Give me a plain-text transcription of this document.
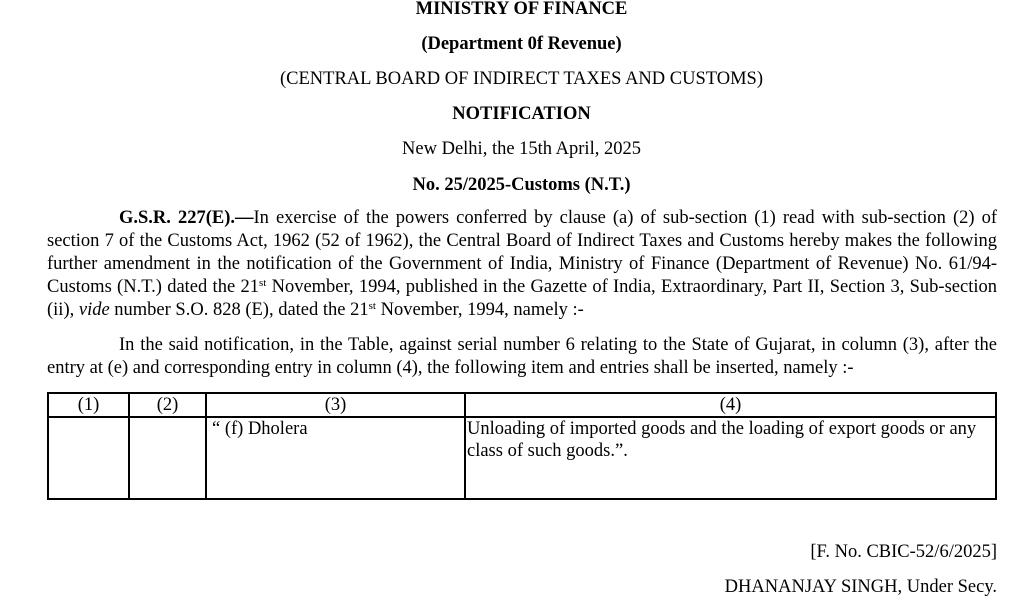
MINISTRY OF FINANCE
(Department 0f Revenue)
(CENTRAL BOARD OF INDIRECT TAXES AND CUSTOMS)
NOTIFICATION
New Delhi, the 15th April, 2025
No. 25/2025-Customs (N.T.)

G.S.R. 227(E).—In exercise of the powers conferred by clause (a) of sub-section (1) read with sub-section (2) of section 7 of the Customs Act, 1962 (52 of 1962), the Central Board of Indirect Taxes and Customs hereby makes the following further amendment in the notification of the Government of India, Ministry of Finance (Department of Revenue) No. 61/94-Customs (N.T.) dated the 21st November, 1994, published in the Gazette of India, Extraordinary, Part II, Section 3, Sub-section (ii), vide number S.O. 828 (E), dated the 21st November, 1994, namely :-

In the said notification, in the Table, against serial number 6 relating to the State of Gujarat, in column (3), after the entry at (e) and corresponding entry in column (4), the following item and entries shall be inserted, namely :-

(1)	(2)	(3)	(4)
		“ (f) Dholera	Unloading of imported goods and the loading of export goods or any class of such goods.”.
[F. No. CBIC-52/6/2025]
DHANANJAY SINGH, Under Secy.
